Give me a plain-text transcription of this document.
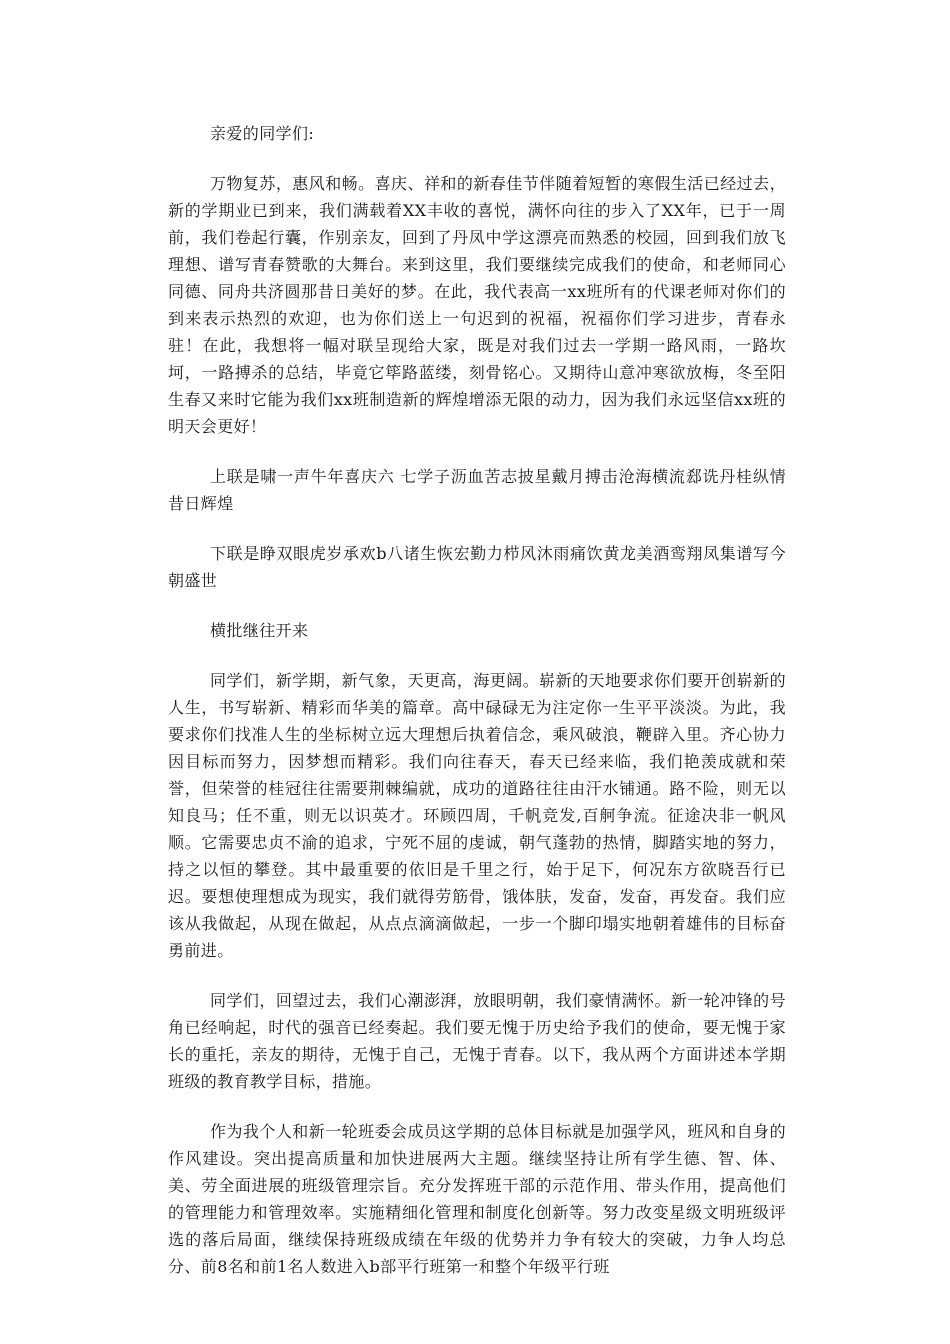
亲爱的同学们:

万物复苏，惠风和畅。喜庆、祥和的新春佳节伴随着短暂的寒假生活已经过去，新的学期业已到来，我们满载着XX丰收的喜悦，满怀向往的步入了XX年，已于一周前，我们卷起行囊，作别亲友，回到了丹凤中学这漂亮而熟悉的校园，回到我们放飞理想、谱写青春赞歌的大舞台。来到这里，我们要继续完成我们的使命，和老师同心同德、同舟共济圆那昔日美好的梦。在此，我代表高一xx班所有的代课老师对你们的到来表示热烈的欢迎，也为你们送上一句迟到的祝福，祝福你们学习进步，青春永驻！在此，我想将一幅对联呈现给大家，既是对我们过去一学期一路风雨，一路坎坷，一路搏杀的总结，毕竟它筚路蓝缕，刻骨铭心。又期待山意冲寒欲放梅，冬至阳生春又来时它能为我们xx班制造新的辉煌增添无限的动力，因为我们永远坚信xx班的明天会更好！

上联是啸一声牛年喜庆六 七学子沥血苦志披星戴月搏击沧海横流郄诜丹桂纵情昔日辉煌

下联是睁双眼虎岁承欢b八诸生恢宏勤力栉风沐雨痛饮黄龙美酒鸾翔凤集谱写今朝盛世

横批继往开来

同学们，新学期，新气象，天更高，海更阔。崭新的天地要求你们要开创崭新的人生，书写崭新、精彩而华美的篇章。高中碌碌无为注定你一生平平淡淡。为此，我要求你们找准人生的坐标树立远大理想后执着信念，乘风破浪，鞭辟入里。齐心协力因目标而努力，因梦想而精彩。我们向往春天，春天已经来临，我们艳羡成就和荣誉，但荣誉的桂冠往往需要荆棘编就，成功的道路往往由汗水铺通。路不险，则无以知良马；任不重，则无以识英才。环顾四周，千帆竞发,百舸争流。征途决非一帆风顺。它需要忠贞不渝的追求，宁死不屈的虔诚，朝气蓬勃的热情，脚踏实地的努力，持之以恒的攀登。其中最重要的依旧是千里之行，始于足下，何况东方欲晓吾行已迟。要想使理想成为现实，我们就得劳筋骨，饿体肤，发奋，发奋，再发奋。我们应该从我做起，从现在做起，从点点滴滴做起，一步一个脚印塌实地朝着雄伟的目标奋勇前进。

同学们，回望过去，我们心潮澎湃，放眼明朝，我们豪情满怀。新一轮冲锋的号角已经响起，时代的强音已经奏起。我们要无愧于历史给予我们的使命，要无愧于家长的重托，亲友的期待，无愧于自己，无愧于青春。以下，我从两个方面讲述本学期班级的教育教学目标，措施。

作为我个人和新一轮班委会成员这学期的总体目标就是加强学风，班风和自身的作风建设。突出提高质量和加快进展两大主题。继续坚持让所有学生德、智、体、美、劳全面进展的班级管理宗旨。充分发挥班干部的示范作用、带头作用，提高他们的管理能力和管理效率。实施精细化管理和制度化创新等。努力改变星级文明班级评选的落后局面，继续保持班级成绩在年级的优势并力争有较大的突破，力争人均总分、前8名和前1名人数进入b部平行班第一和整个年级平行班
